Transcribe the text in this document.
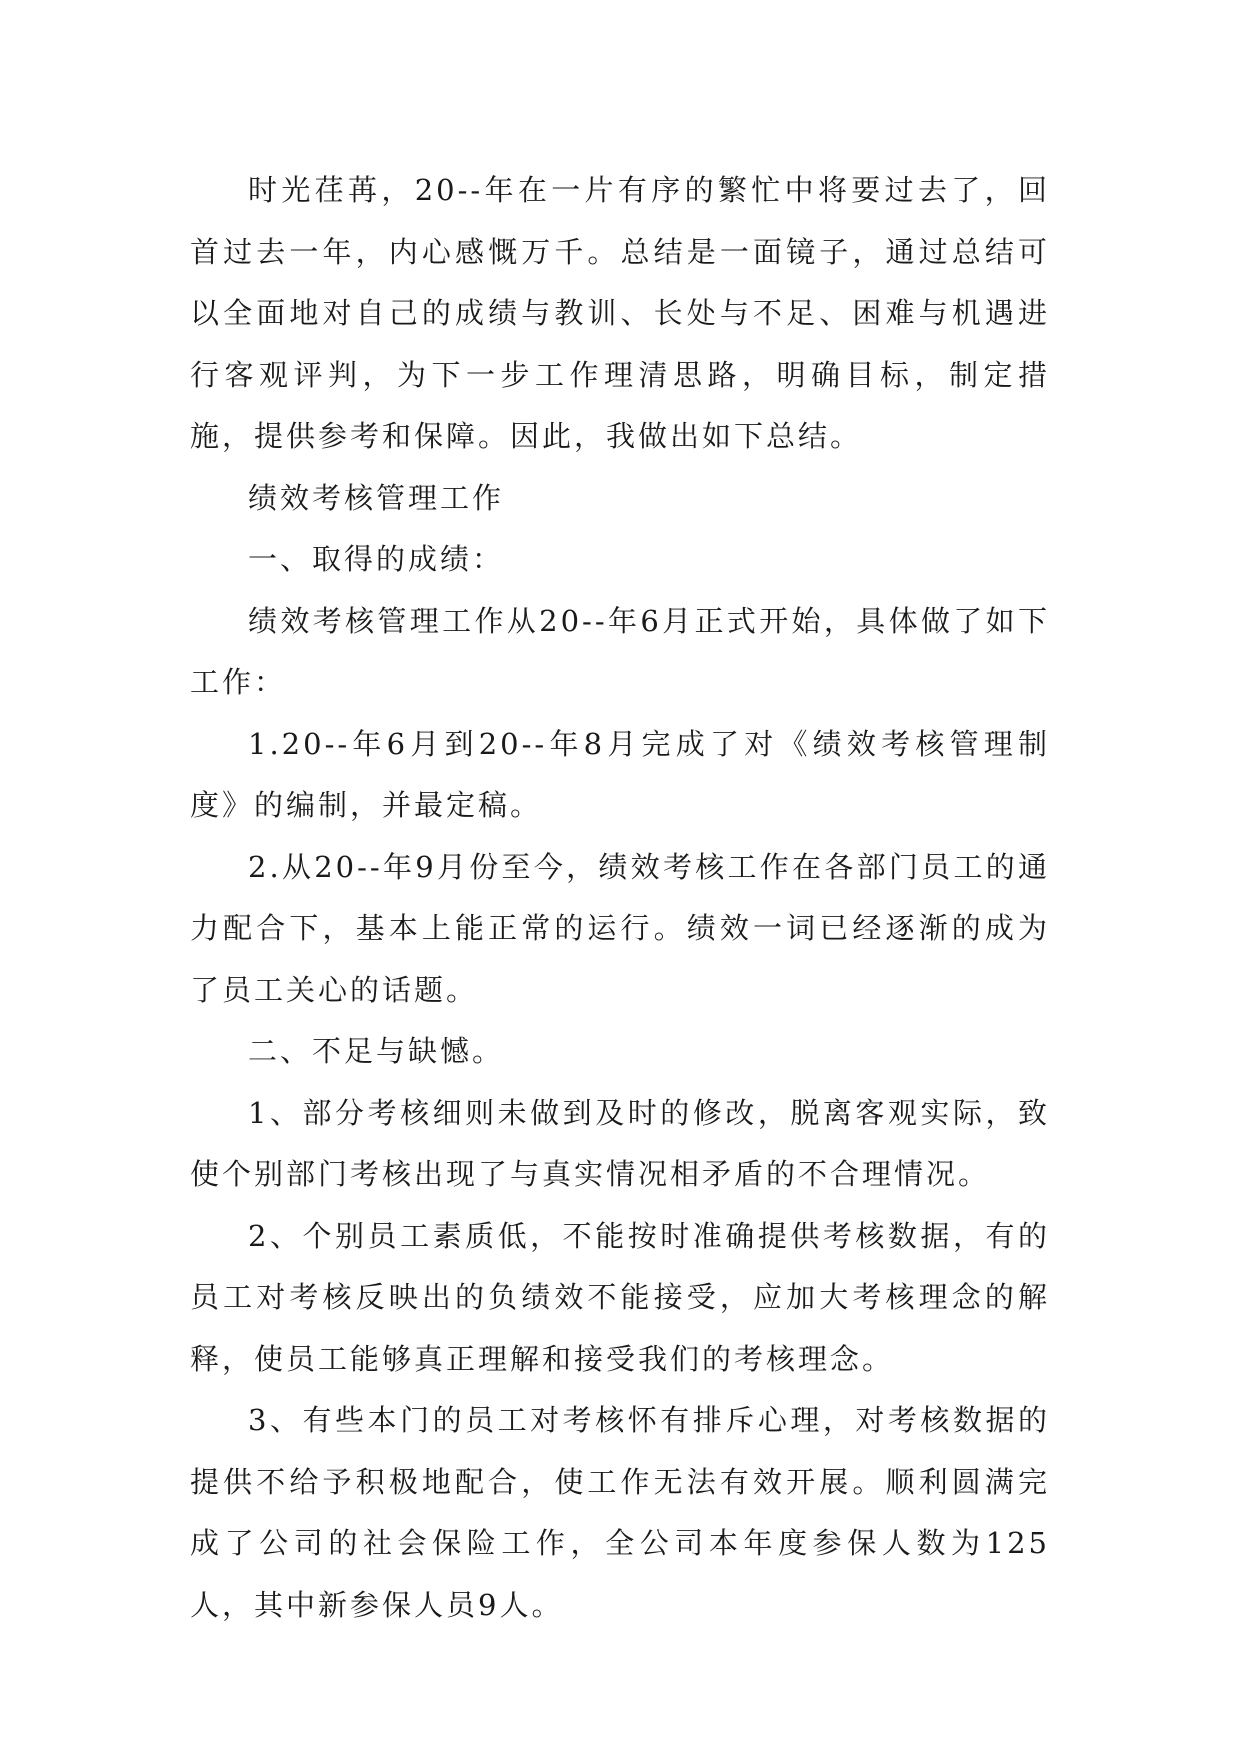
时光荏苒，20--年在一片有序的繁忙中将要过去了，回首过去一年，内心感慨万千。总结是一面镜子，通过总结可以全面地对自己的成绩与教训、长处与不足、困难与机遇进行客观评判，为下一步工作理清思路，明确目标，制定措施，提供参考和保障。因此，我做出如下总结。

绩效考核管理工作

一、取得的成绩：

绩效考核管理工作从20--年6月正式开始，具体做了如下工作：

1.20--年6月到20--年8月完成了对《绩效考核管理制度》的编制，并最定稿。

2.从20--年9月份至今，绩效考核工作在各部门员工的通力配合下，基本上能正常的运行。绩效一词已经逐渐的成为了员工关心的话题。

二、不足与缺憾。

1、部分考核细则未做到及时的修改，脱离客观实际，致使个别部门考核出现了与真实情况相矛盾的不合理情况。

2、个别员工素质低，不能按时准确提供考核数据，有的员工对考核反映出的负绩效不能接受，应加大考核理念的解释，使员工能够真正理解和接受我们的考核理念。

3、有些本门的员工对考核怀有排斥心理，对考核数据的提供不给予积极地配合，使工作无法有效开展。顺利圆满完成了公司的社会保险工作，全公司本年度参保人数为125人，其中新参保人员9人。
